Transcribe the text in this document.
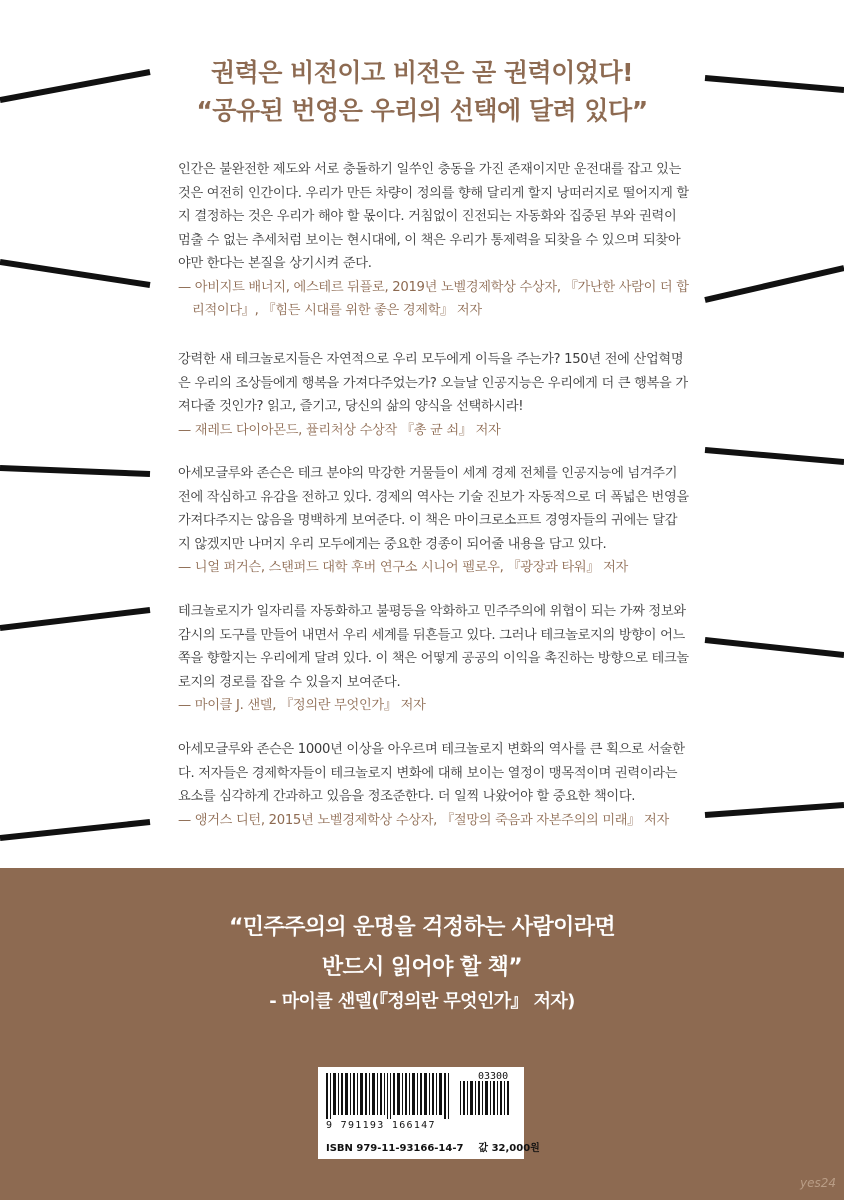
권력은 비전이고 비전은 곧 권력이었다!
“공유된 번영은 우리의 선택에 달려 있다”

인간은 불완전한 제도와 서로 충돌하기 일쑤인 충동을 가진 존재이지만 운전대를 잡고 있는
것은 여전히 인간이다. 우리가 만든 차량이 정의를 향해 달리게 할지 낭떠러지로 떨어지게 할
지 결정하는 것은 우리가 해야 할 몫이다. 거침없이 진전되는 자동화와 집중된 부와 권력이
멈출 수 없는 추세처럼 보이는 현시대에, 이 책은 우리가 통제력을 되찾을 수 있으며 되찾아
야만 한다는 본질을 상기시켜 준다.

— 아비지트 배너지, 에스테르 뒤플로, 2019년 노벨경제학상 수상자, 『가난한 사람이 더 합
리적이다』, 『힘든 시대를 위한 좋은 경제학』 저자

강력한 새 테크놀로지들은 자연적으로 우리 모두에게 이득을 주는가? 150년 전에 산업혁명
은 우리의 조상들에게 행복을 가져다주었는가? 오늘날 인공지능은 우리에게 더 큰 행복을 가
져다줄 것인가? 읽고, 즐기고, 당신의 삶의 양식을 선택하시라!

— 재레드 다이아몬드, 퓰리처상 수상작 『총 균 쇠』 저자

아세모글루와 존슨은 테크 분야의 막강한 거물들이 세계 경제 전체를 인공지능에 넘겨주기
전에 작심하고 유감을 전하고 있다. 경제의 역사는 기술 진보가 자동적으로 더 폭넓은 번영을
가져다주지는 않음을 명백하게 보여준다. 이 책은 마이크로소프트 경영자들의 귀에는 달갑
지 않겠지만 나머지 우리 모두에게는 중요한 경종이 되어줄 내용을 담고 있다.

— 니얼 퍼거슨, 스탠퍼드 대학 후버 연구소 시니어 펠로우, 『광장과 타워』 저자

테크놀로지가 일자리를 자동화하고 불평등을 악화하고 민주주의에 위협이 되는 가짜 정보와
감시의 도구를 만들어 내면서 우리 세계를 뒤흔들고 있다. 그러나 테크놀로지의 방향이 어느
쪽을 향할지는 우리에게 달려 있다. 이 책은 어떻게 공공의 이익을 촉진하는 방향으로 테크놀
로지의 경로를 잡을 수 있을지 보여준다.

— 마이클 J. 샌델, 『정의란 무엇인가』 저자

아세모글루와 존슨은 1000년 이상을 아우르며 테크놀로지 변화의 역사를 큰 획으로 서술한
다. 저자들은 경제학자들이 테크놀로지 변화에 대해 보이는 열정이 맹목적이며 권력이라는
요소를 심각하게 간과하고 있음을 정조준한다. 더 일찍 나왔어야 할 중요한 책이다.

— 앵거스 디턴, 2015년 노벨경제학상 수상자, 『절망의 죽음과 자본주의의 미래』 저자

“민주주의의 운명을 걱정하는 사람이라면
반드시 읽어야 할 책”
- 마이클 샌델(『정의란 무엇인가』 저자)
03300
9 791193 166147
ISBN 979-11-93166-14-7 값 32,000원
yes24
